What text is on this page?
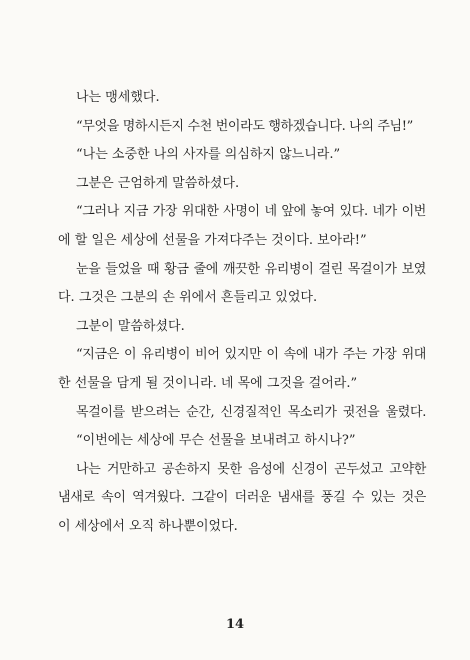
나는 맹세했다.
“무엇을 명하시든지 수천 번이라도 행하겠습니다. 나의 주님!”
“나는 소중한 나의 사자를 의심하지 않느니라.”
그분은 근엄하게 말씀하셨다.
“그러나 지금 가장 위대한 사명이 네 앞에 놓여 있다. 네가 이번
에 할 일은 세상에 선물을 가져다주는 것이다. 보아라!”
눈을 들었을 때 황금 줄에 깨끗한 유리병이 걸린 목걸이가 보였
다. 그것은 그분의 손 위에서 흔들리고 있었다.
그분이 말씀하셨다.
“지금은 이 유리병이 비어 있지만 이 속에 내가 주는 가장 위대
한 선물을 담게 될 것이니라. 네 목에 그것을 걸어라.”
목걸이를 받으려는 순간, 신경질적인 목소리가 귓전을 울렸다.
“이번에는 세상에 무슨 선물을 보내려고 하시나?”
나는 거만하고 공손하지 못한 음성에 신경이 곤두섰고 고약한
냄새로 속이 역겨웠다. 그같이 더러운 냄새를 풍길 수 있는 것은
이 세상에서 오직 하나뿐이었다.
14
